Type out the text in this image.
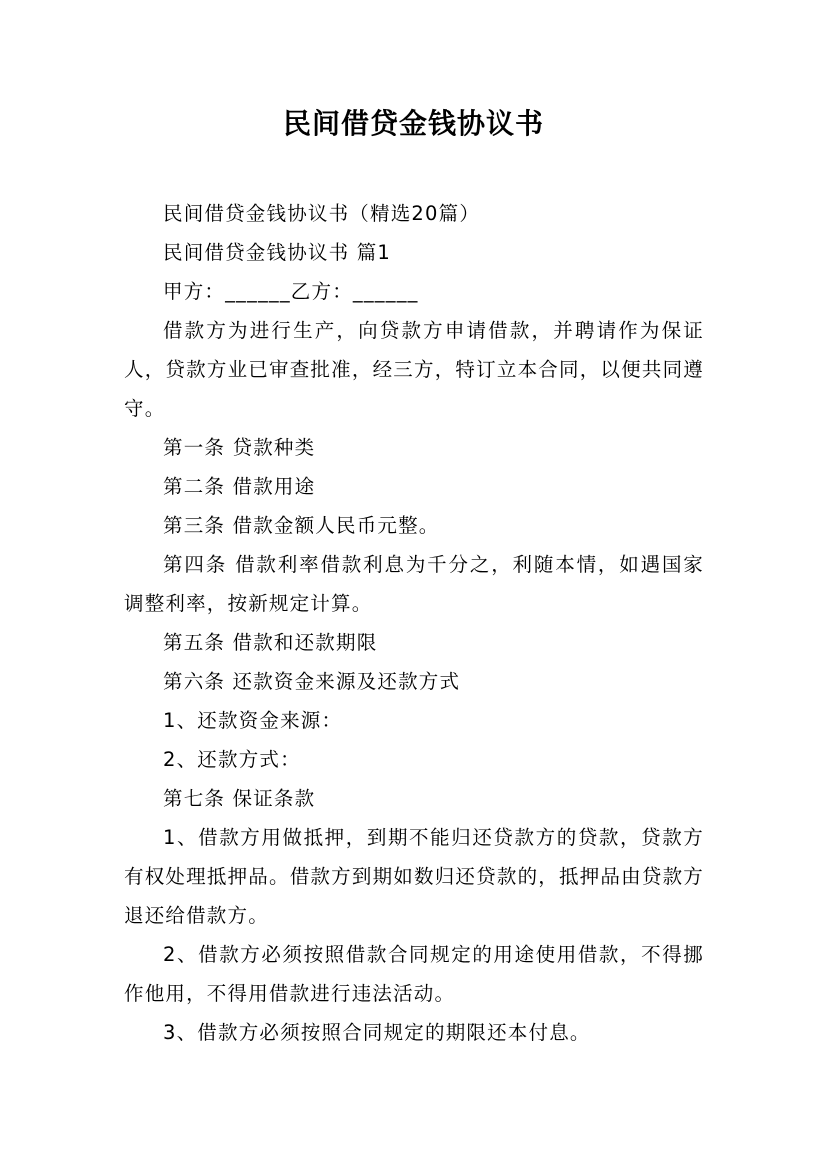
民间借贷金钱协议书

民间借贷金钱协议书（精选20篇）

民间借贷金钱协议书 篇1

甲方：______乙方：______

借款方为进行生产，向贷款方申请借款，并聘请作为保证人，贷款方业已审查批准，经三方，特订立本合同，以便共同遵守。

第一条 贷款种类

第二条 借款用途

第三条 借款金额人民币元整。

第四条 借款利率借款利息为千分之，利随本情，如遇国家调整利率，按新规定计算。

第五条 借款和还款期限

第六条 还款资金来源及还款方式

1、还款资金来源：

2、还款方式：

第七条 保证条款

1、借款方用做抵押，到期不能归还贷款方的贷款，贷款方有权处理抵押品。借款方到期如数归还贷款的，抵押品由贷款方退还给借款方。

2、借款方必须按照借款合同规定的用途使用借款，不得挪作他用，不得用借款进行违法活动。

3、借款方必须按照合同规定的期限还本付息。
